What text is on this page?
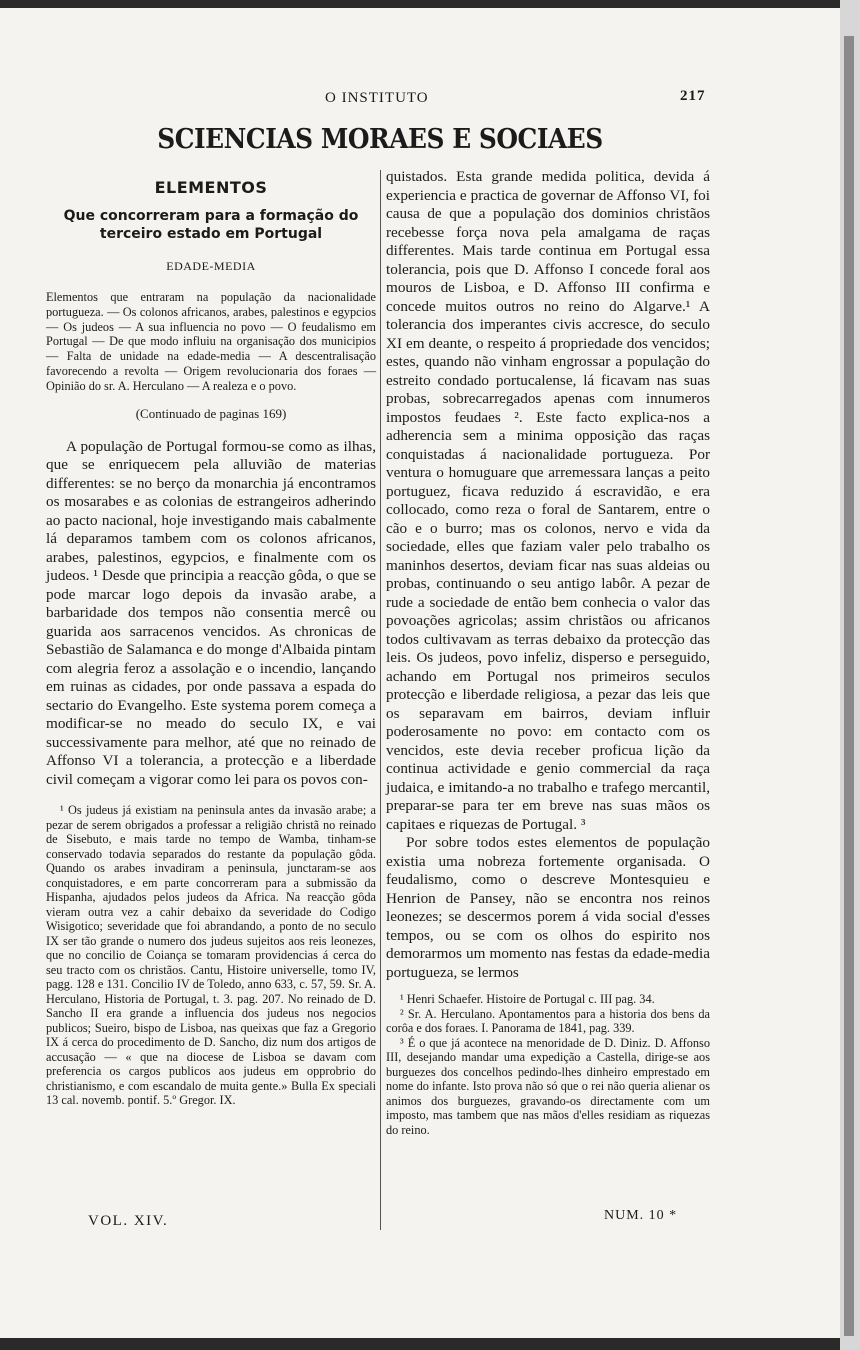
O INSTITUTO	217
SCIENCIAS MORAES E SOCIAES
ELEMENTOS
Que concorreram para a formação do terceiro estado em Portugal
EDADE-MEDIA

Elementos que entraram na população da nacionalidade portugueza. — Os colonos africanos, arabes, palestinos e egypcios — Os judeos — A sua influencia no povo — O feudalismo em Portugal — De que modo influiu na organisação dos municipios — Falta de unidade na edade-media — A descentralisação favorecendo a revolta — Origem revolucionaria dos foraes — Opinião do sr. A. Herculano — A realeza e o povo.

(Continuado de paginas 169)

A população de Portugal formou-se como as ilhas, que se enriquecem pela alluvião de materias differentes: se no berço da monarchia já encontramos os mosarabes e as colonias de estrangeiros adherindo ao pacto nacional, hoje investigando mais cabalmente lá deparamos tambem com os colonos africanos, arabes, palestinos, egypcios, e finalmente com os judeos. ¹ Desde que principia a reacção gôda, o que se pode marcar logo depois da invasão arabe, a barbaridade dos tempos não consentia mercê ou guarida aos sarracenos vencidos. As chronicas de Sebastião de Salamanca e do monge d'Albaida pintam com alegria feroz a assolação e o incendio, lançando em ruinas as cidades, por onde passava a espada do sectario do Evangelho. Este systema porem começa a modificar-se no meado do seculo IX, e vai successivamente para melhor, até que no reinado de Affonso VI a tolerancia, a protecção e a liberdade civil começam a vigorar como lei para os povos con-

¹ Os judeus já existiam na peninsula antes da invasão arabe; a pezar de serem obrigados a professar a religião christã no reinado de Sisebuto, e mais tarde no tempo de Wamba, tinham-se conservado todavia separados do restante da população gôda. Quando os arabes invadiram a peninsula, junctaram-se aos conquistadores, e em parte concorreram para a submissão da Hispanha, ajudados pelos judeos da Africa. Na reacção gôda vieram outra vez a cahir debaixo da severidade do Codigo Wisigotico; severidade que foi abrandando, a ponto de no seculo IX ser tão grande o numero dos judeus sujeitos aos reis leonezes, que no concilio de Coiança se tomaram providencias á cerca do seu tracto com os christãos. Cantu, Histoire universelle, tomo IV, pagg. 128 e 131. Concilio IV de Toledo, anno 633, c. 57, 59. Sr. A. Herculano, Historia de Portugal, t. 3. pag. 207. No reinado de D. Sancho II era grande a influencia dos judeus nos negocios publicos; Sueiro, bispo de Lisboa, nas queixas que faz a Gregorio IX á cerca do procedimento de D. Sancho, diz num dos artigos de accusação — « que na diocese de Lisboa se davam com preferencia os cargos publicos aos judeus em opprobrio do christianismo, e com escandalo de muita gente.» Bulla Ex speciali 13 cal. novemb. pontif. 5.º Gregor. IX.

quistados. Esta grande medida politica, devida á experiencia e practica de governar de Affonso VI, foi causa de que a população dos dominios christãos recebesse força nova pela amalgama de raças differentes. Mais tarde continua em Portugal essa tolerancia, pois que D. Affonso I concede foral aos mouros de Lisboa, e D. Affonso III confirma e concede muitos outros no reino do Algarve.¹ A tolerancia dos imperantes civis accresce, do seculo XI em deante, o respeito á propriedade dos vencidos; estes, quando não vinham engrossar a população do estreito condado portucalense, lá ficavam nas suas probas, sobrecarregados apenas com innumeros impostos feudaes ². Este facto explica-nos a adherencia sem a minima opposição das raças conquistadas á nacionalidade portugueza. Por ventura o homuguare que arremessara lanças a peito portuguez, ficava reduzido á escravidão, e era collocado, como reza o foral de Santarem, entre o cão e o burro; mas os colonos, nervo e vida da sociedade, elles que faziam valer pelo trabalho os maninhos desertos, deviam ficar nas suas aldeias ou probas, continuando o seu antigo labôr. A pezar de rude a sociedade de então bem conhecia o valor das povoações agricolas; assim christãos ou africanos todos cultivavam as terras debaixo da protecção das leis. Os judeos, povo infeliz, disperso e perseguido, achando em Portugal nos primeiros seculos protecção e liberdade religiosa, a pezar das leis que os separavam em bairros, deviam influir poderosamente no povo: em contacto com os vencidos, este devia receber proficua lição da continua actividade e genio commercial da raça judaica, e imitando-a no trabalho e trafego mercantil, preparar-se para ter em breve nas suas mãos os capitaes e riquezas de Portugal. ³

Por sobre todos estes elementos de população existia uma nobreza fortemente organisada. O feudalismo, como o descreve Montesquieu e Henrion de Pansey, não se encontra nos reinos leonezes; se descermos porem á vida social d'esses tempos, ou se com os olhos do espirito nos demorarmos um momento nas festas da edade-media portugueza, se lermos

¹ Henri Schaefer. Histoire de Portugal c. III pag. 34.

² Sr. A. Herculano. Apontamentos para a historia dos bens da corôa e dos foraes. I. Panorama de 1841, pag. 339.

³ É o que já acontece na menoridade de D. Diniz. D. Affonso III, desejando mandar uma expedição a Castella, dirige-se aos burguezes dos concelhos pedindo-lhes dinheiro emprestado em nome do infante. Isto prova não só que o rei não queria alienar os animos dos burguezes, gravando-os directamente com um imposto, mas tambem que nas mãos d'elles residiam as riquezas do reino.

VOL. XIV.	NUM. 10 *
